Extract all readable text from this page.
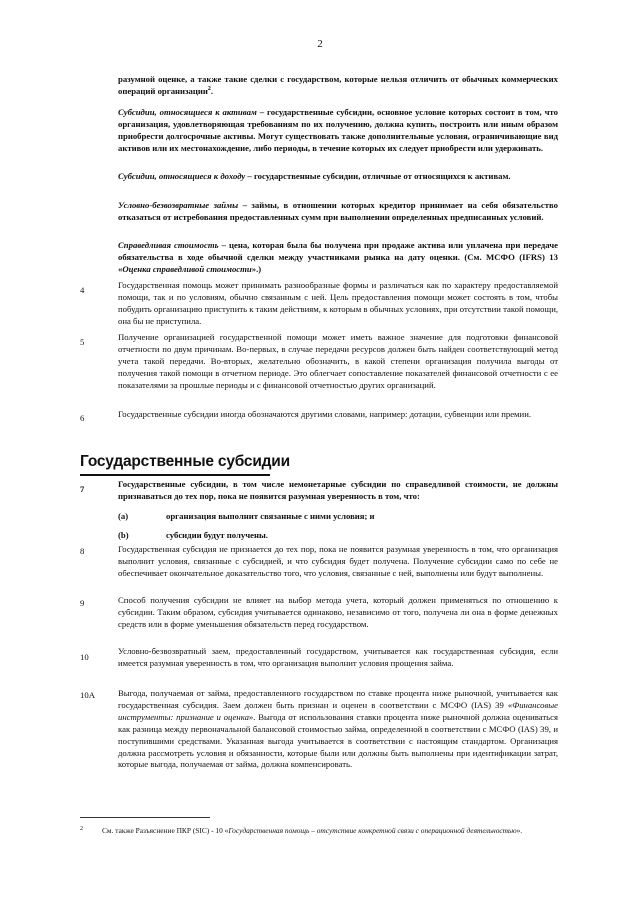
2
разумной оценке, а также такие сделки с государством, которые нельзя отличить от обычных коммерческих операций организации$^2$.
Субсидии, относящиеся к активам – государственные субсидии, основное условие которых состоит в том, что организация, удовлетворяющая требованиям по их получению, должна купить, построить или иным образом приобрести долгосрочные активы. Могут существовать также дополнительные условия, ограничивающие вид активов или их местонахождение, либо периоды, в течение которых их следует приобрести или удерживать.
Субсидии, относящиеся к доходу – государственные субсидии, отличные от относящихся к активам.
Условно-безвозвратные займы – займы, в отношении которых кредитор принимает на себя обязательство отказаться от истребования предоставленных сумм при выполнении определенных предписанных условий.
Справедливая стоимость – цена, которая была бы получена при продаже актива или уплачена при передаче обязательства в ходе обычной сделки между участниками рынка на дату оценки. (См. МСФО (IFRS) 13 «Оценка справедливой стоимости».)
4	Государственная помощь может принимать разнообразные формы и различаться как по характеру предоставляемой помощи, так и по условиям, обычно связанным с ней. Цель предоставления помощи может состоять в том, чтобы побудить организацию приступить к таким действиям, к которым в обычных условиях, при отсутствии такой помощи, она бы не приступила.
5	Получение организацией государственной помощи может иметь важное значение для подготовки финансовой отчетности по двум причинам. Во-первых, в случае передачи ресурсов должен быть найден соответствующий метод учета такой передачи. Во-вторых, желательно обозначить, в какой степени организация получила выгоды от получения такой помощи в отчетном периоде. Это облегчает сопоставление показателей финансовой отчетности с ее показателями за прошлые периоды и с финансовой отчетностью других организаций.
6	Государственные субсидии иногда обозначаются другими словами, например: дотации, субвенции или премии.
Государственные субсидии
7	Государственные субсидии, в том числе немонетарные субсидии по справедливой стоимости, не должны признаваться до тех пор, пока не появится разумная уверенность в том, что:
(a)	организация выполнит связанные с ними условия; и
(b)	субсидии будут получены.
8	Государственная субсидия не признается до тех пор, пока не появится разумная уверенность в том, что организация выполнит условия, связанные с субсидией, и что субсидия будет получена. Получение субсидии само по себе не обеспечивает окончательное доказательство того, что условия, связанные с ней, выполнены или будут выполнены.
9	Способ получения субсидии не влияет на выбор метода учета, который должен применяться по отношению к субсидии. Таким образом, субсидия учитывается одинаково, независимо от того, получена ли она в форме денежных средств или в форме уменьшения обязательств перед государством.
10
Условно-безвозвратный заем, предоставленный государством, учитывается как государственная субсидия, если имеется разумная уверенность в том, что организация выполнит условия прощения займа.
10A	Выгода, получаемая от займа, предоставленного государством по ставке процента ниже рыночной, учитывается как государственная субсидия. Заем должен быть признан и оценен в соответствии с МСФО (IAS) 39 «Финансовые инструменты: признание и оценка». Выгода от использования ставки процента ниже рыночной должна оцениваться как разница между первоначальной балансовой стоимостью займа, определенной в соответствии с МСФО (IAS) 39, и поступившими средствами. Указанная выгода учитывается в соответствии с настоящим стандартом. Организация должна рассмотреть условия и обязанности, которые были или должны быть выполнены при идентификации затрат, которые выгода, получаемая от займа, должна компенсировать.
2	См. также Разъяснение ПКР (SIC) - 10 «Государственная помощь – отсутствие конкретной связи с операционной деятельностью».
